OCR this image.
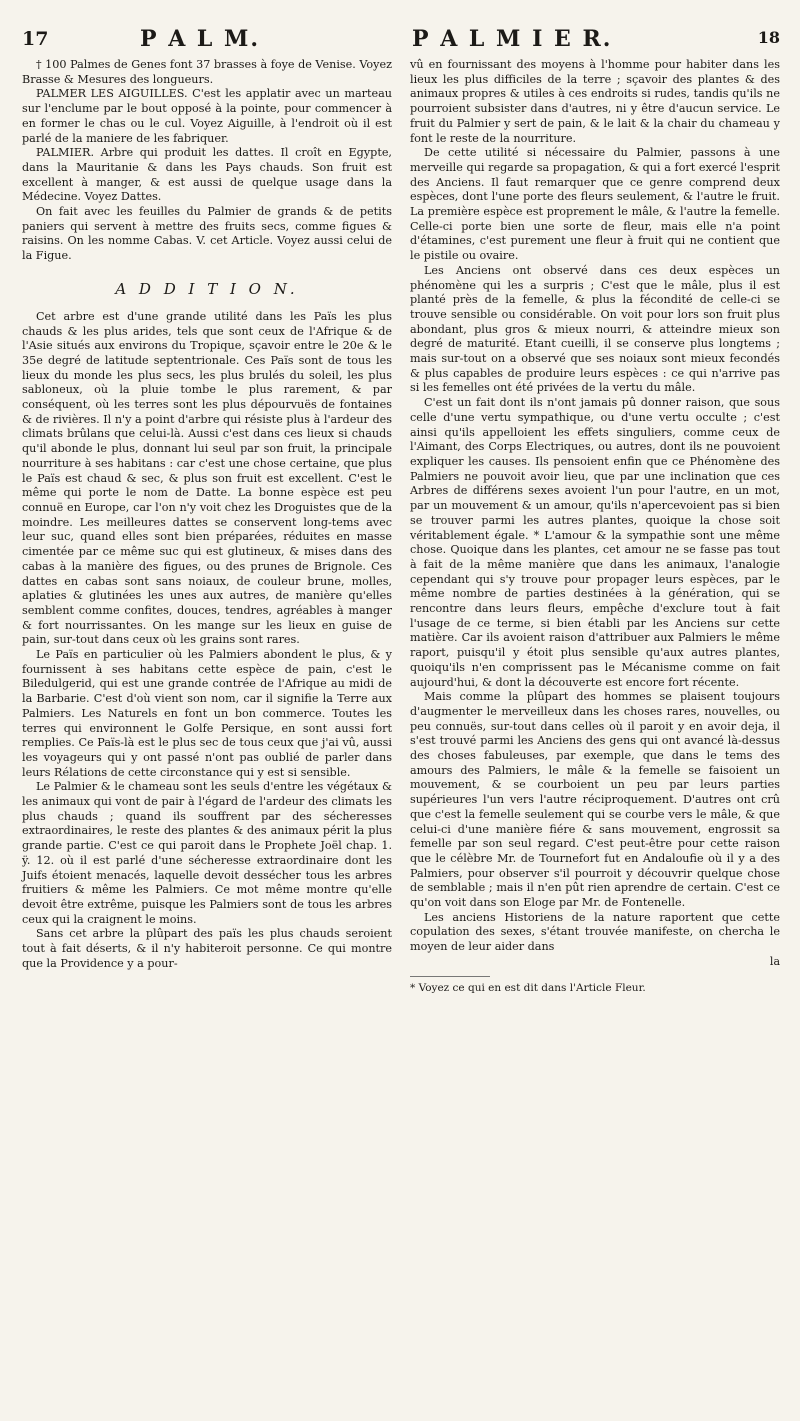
17	P A L M.

† 100 Palmes de Genes font 37 brasses à foye de Venise. Voyez Brasse & Mesures des longueurs.

PALMER LES AIGUILLES. C'est les applatir avec un marteau sur l'enclume par le bout opposé à la pointe, pour commencer à en former le chas ou le cul. Voyez Aiguille, à l'endroit où il est parlé de la maniere de les fabriquer.

PALMIER. Arbre qui produit les dattes. Il croît en Egypte, dans la Mauritanie & dans les Pays chauds. Son fruit est excellent à manger, & est aussi de quelque usage dans la Médecine. Voyez Dattes.

On fait avec les feuilles du Palmier de grands & de petits paniers qui servent à mettre des fruits secs, comme figues & raisins. On les nomme Cabas. V. cet Article. Voyez aussi celui de la Figue.

A D D I T I O N.

Cet arbre est d'une grande utilité dans les Païs les plus chauds & les plus arides, tels que sont ceux de l'Afrique & de l'Asie situés aux environs du Tropique, sçavoir entre le 20e & le 35e degré de latitude septentrionale. Ces Païs sont de tous les lieux du monde les plus secs, les plus brulés du soleil, les plus sabloneux, où la pluie tombe le plus rarement, & par conséquent, où les terres sont les plus dépourvuës de fontaines & de rivières. Il n'y a point d'arbre qui résiste plus à l'ardeur des climats brûlans que celui-là. Aussi c'est dans ces lieux si chauds qu'il abonde le plus, donnant lui seul par son fruit, la principale nourriture à ses habitans : car c'est une chose certaine, que plus le Païs est chaud & sec, & plus son fruit est excellent. C'est le même qui porte le nom de Datte. La bonne espèce est peu connuë en Europe, car l'on n'y voit chez les Droguistes que de la moindre. Les meilleures dattes se conservent long-tems avec leur suc, quand elles sont bien préparées, réduites en masse cimentée par ce même suc qui est glutineux, & mises dans des cabas à la manière des figues, ou des prunes de Brignole. Ces dattes en cabas sont sans noiaux, de couleur brune, molles, aplaties & glutinées les unes aux autres, de manière qu'elles semblent comme confites, douces, tendres, agréables à manger & fort nourrissantes. On les mange sur les lieux en guise de pain, sur-tout dans ceux où les grains sont rares.

Le Païs en particulier où les Palmiers abondent le plus, & y fournissent à ses habitans cette espèce de pain, c'est le Biledulgerid, qui est une grande contrée de l'Afrique au midi de la Barbarie. C'est d'où vient son nom, car il signifie la Terre aux Palmiers. Les Naturels en font un bon commerce. Toutes les terres qui environnent le Golfe Persique, en sont aussi fort remplies. Ce Païs-là est le plus sec de tous ceux que j'ai vû, aussi les voyageurs qui y ont passé n'ont pas oublié de parler dans leurs Rélations de cette circonstance qui y est si sensible.

Le Palmier & le chameau sont les seuls d'entre les végétaux & les animaux qui vont de pair à l'égard de l'ardeur des climats les plus chauds ; quand ils souffrent par des sécheresses extraordinaires, le reste des plantes & des animaux périt la plus grande partie. C'est ce qui paroit dans le Prophete Joël chap. 1. ÿ. 12. où il est parlé d'une sécheresse extraordinaire dont les Juifs étoient menacés, laquelle devoit dessécher tous les arbres fruitiers & même les Palmiers. Ce mot même montre qu'elle devoit être extrême, puisque les Palmiers sont de tous les arbres ceux qui la craignent le moins.

Sans cet arbre la plûpart des païs les plus chauds seroient tout à fait déserts, & il n'y habiteroit personne. Ce qui montre que la Providence y a pour-

P A L M I E R.	18

vû en fournissant des moyens à l'homme pour habiter dans les lieux les plus difficiles de la terre ; sçavoir des plantes & des animaux propres & utiles à ces endroits si rudes, tandis qu'ils ne pourroient subsister dans d'autres, ni y être d'aucun service. Le fruit du Palmier y sert de pain, & le lait & la chair du chameau y font le reste de la nourriture.

De cette utilité si nécessaire du Palmier, passons à une merveille qui regarde sa propagation, & qui a fort exercé l'esprit des Anciens. Il faut remarquer que ce genre comprend deux espèces, dont l'une porte des fleurs seulement, & l'autre le fruit. La première espèce est proprement le mâle, & l'autre la femelle. Celle-ci porte bien une sorte de fleur, mais elle n'a point d'étamines, c'est purement une fleur à fruit qui ne contient que le pistile ou ovaire.

Les Anciens ont observé dans ces deux espèces un phénomène qui les a surpris ; C'est que le mâle, plus il est planté près de la femelle, & plus la fécondité de celle-ci se trouve sensible ou considérable. On voit pour lors son fruit plus abondant, plus gros & mieux nourri, & atteindre mieux son degré de maturité. Etant cueilli, il se conserve plus longtems ; mais sur-tout on a observé que ses noiaux sont mieux fecondés & plus capables de produire leurs espèces : ce qui n'arrive pas si les femelles ont été privées de la vertu du mâle.

C'est un fait dont ils n'ont jamais pû donner raison, que sous celle d'une vertu sympathique, ou d'une vertu occulte ; c'est ainsi qu'ils appelloient les effets singuliers, comme ceux de l'Aimant, des Corps Electriques, ou autres, dont ils ne pouvoient expliquer les causes. Ils pensoient enfin que ce Phénomène des Palmiers ne pouvoit avoir lieu, que par une inclination que ces Arbres de différens sexes avoient l'un pour l'autre, en un mot, par un mouvement & un amour, qu'ils n'apercevoient pas si bien se trouver parmi les autres plantes, quoique la chose soit véritablement égale. * L'amour & la sympathie sont une même chose. Quoique dans les plantes, cet amour ne se fasse pas tout à fait de la même manière que dans les animaux, l'analogie cependant qui s'y trouve pour propager leurs espèces, par le même nombre de parties destinées à la génération, qui se rencontre dans leurs fleurs, empêche d'exclure tout à fait l'usage de ce terme, si bien établi par les Anciens sur cette matière. Car ils avoient raison d'attribuer aux Palmiers le même raport, puisqu'il y étoit plus sensible qu'aux autres plantes, quoiqu'ils n'en comprissent pas le Mécanisme comme on fait aujourd'hui, & dont la découverte est encore fort récente.

Mais comme la plûpart des hommes se plaisent toujours d'augmenter le merveilleux dans les choses rares, nouvelles, ou peu connuës, sur-tout dans celles où il paroit y en avoir deja, il s'est trouvé parmi les Anciens des gens qui ont avancé là-dessus des choses fabuleuses, par exemple, que dans le tems des amours des Palmiers, le mâle & la femelle se faisoient un mouvement, & se courboient un peu par leurs parties supérieures l'un vers l'autre réciproquement. D'autres ont crû que c'est la femelle seulement qui se courbe vers le mâle, & que celui-ci d'une manière fiére & sans mouvement, engrossit sa femelle par son seul regard. C'est peut-être pour cette raison que le célèbre Mr. de Tournefort fut en Andaloufie où il y a des Palmiers, pour observer s'il pourroit y découvrir quelque chose de semblable ; mais il n'en pût rien aprendre de certain. C'est ce qu'on voit dans son Eloge par Mr. de Fontenelle.

Les anciens Historiens de la nature raportent que cette copulation des sexes, s'étant trouvée manifeste, on chercha le moyen de leur aider dans

la

* Voyez ce qui en est dit dans l'Article Fleur.
